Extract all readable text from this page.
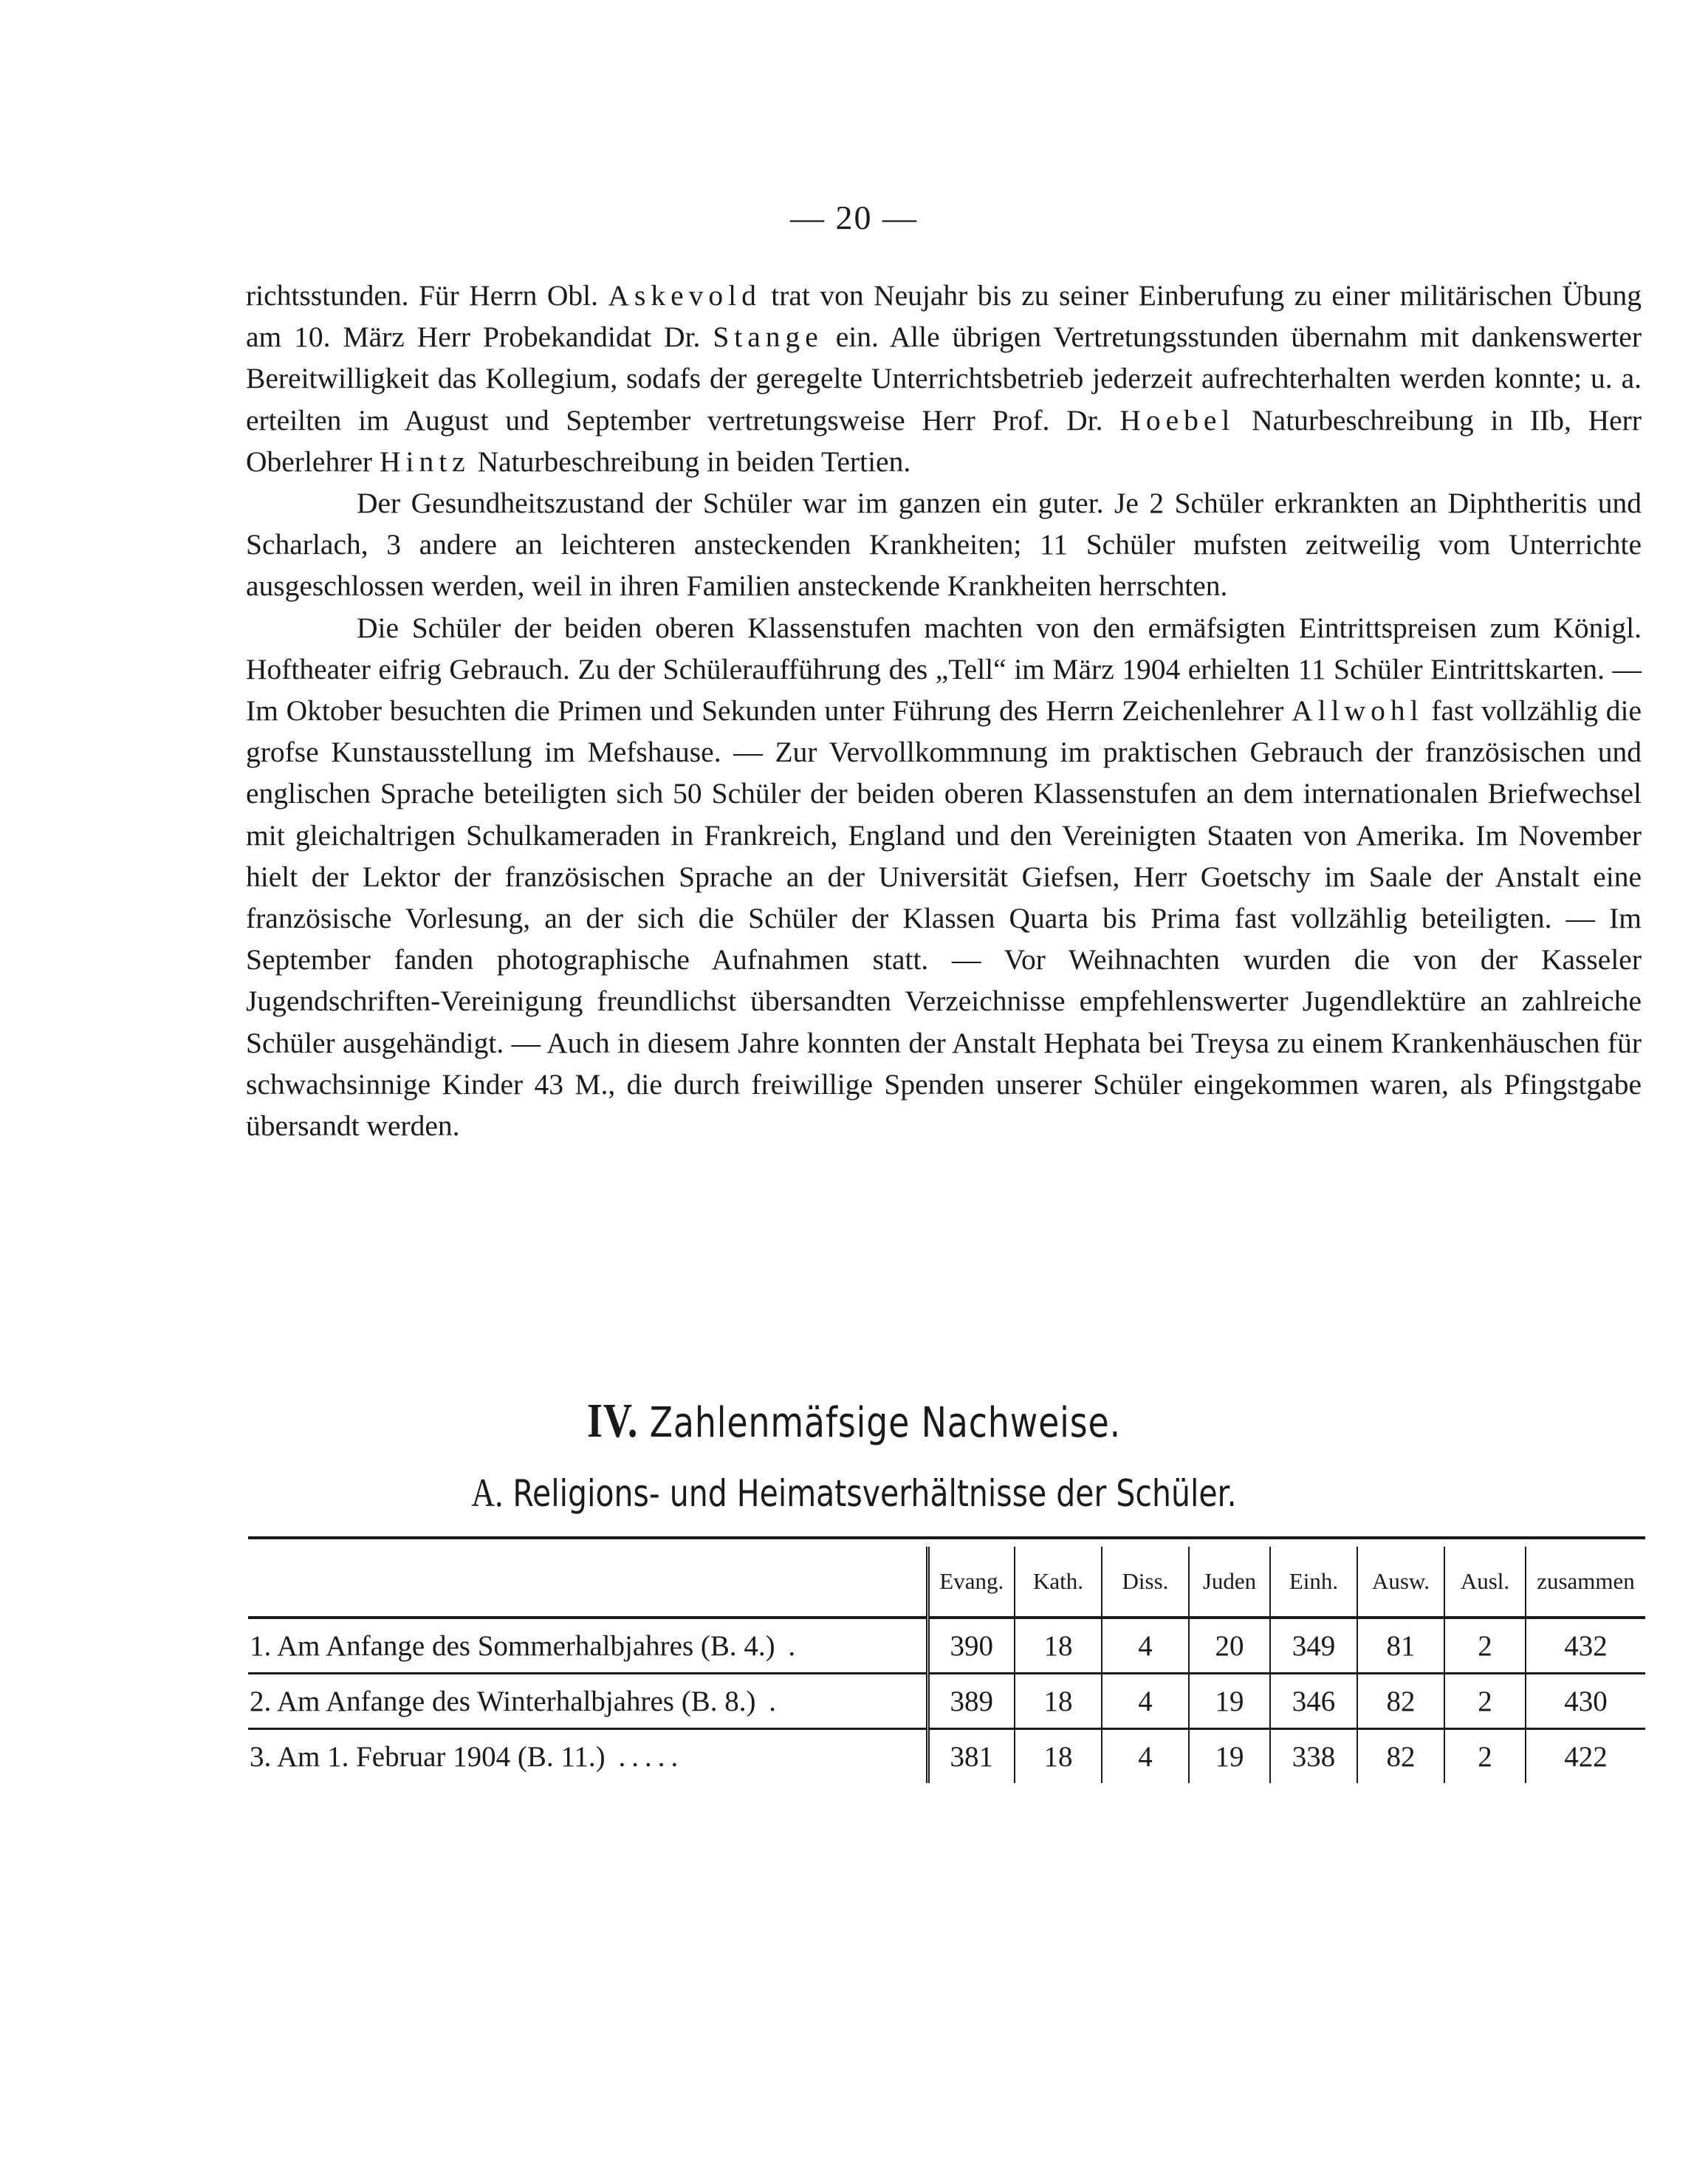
— 20 —

richtsstunden. Für Herrn Obl. Askevold trat von Neujahr bis zu seiner Einberufung zu einer militärischen Übung am 10. März Herr Probekandidat Dr. Stange ein. Alle übrigen Vertretungsstunden übernahm mit dankenswerter Bereitwilligkeit das Kollegium, sodafs der geregelte Unterrichtsbetrieb jederzeit aufrechterhalten werden konnte; u. a. erteilten im August und September vertretungsweise Herr Prof. Dr. Hoebel Naturbeschreibung in IIb, Herr Oberlehrer Hintz Naturbeschreibung in beiden Tertien.

Der Gesundheitszustand der Schüler war im ganzen ein guter. Je 2 Schüler erkrankten an Diphtheritis und Scharlach, 3 andere an leichteren ansteckenden Krankheiten; 11 Schüler mufsten zeitweilig vom Unterrichte ausgeschlossen werden, weil in ihren Familien ansteckende Krankheiten herrschten.

Die Schüler der beiden oberen Klassenstufen machten von den ermäfsigten Eintrittspreisen zum Königl. Hoftheater eifrig Gebrauch. Zu der Schüleraufführung des „Tell“ im März 1904 erhielten 11 Schüler Eintrittskarten. — Im Oktober besuchten die Primen und Sekunden unter Führung des Herrn Zeichenlehrer Allwohl fast vollzählig die grofse Kunstausstellung im Mefshause. — Zur Vervollkommnung im praktischen Gebrauch der französischen und englischen Sprache beteiligten sich 50 Schüler der beiden oberen Klassenstufen an dem internationalen Briefwechsel mit gleichaltrigen Schulkameraden in Frankreich, England und den Vereinigten Staaten von Amerika. Im November hielt der Lektor der französischen Sprache an der Universität Giefsen, Herr Goetschy im Saale der Anstalt eine französische Vorlesung, an der sich die Schüler der Klassen Quarta bis Prima fast vollzählig beteiligten. — Im September fanden photographische Aufnahmen statt. — Vor Weihnachten wurden die von der Kasseler Jugendschriften-Vereinigung freundlichst übersandten Verzeichnisse empfehlenswerter Jugendlektüre an zahlreiche Schüler ausgehändigt. — Auch in diesem Jahre konnten der Anstalt Hephata bei Treysa zu einem Krankenhäuschen für schwachsinnige Kinder 43 M., die durch freiwillige Spenden unserer Schüler eingekommen waren, als Pfingstgabe übersandt werden.

IV. Zahlenmäfsige Nachweise.
A. Religions- und Heimatsverhältnisse der Schüler.
	Evang.	Kath.	Diss.	Juden	Einh.	Ausw.	Ausl.	zusammen
1. Am Anfange des Sommerhalbjahres (B. 4.) .	390	18	4	20	349	81	2	432
2. Am Anfange des Winterhalbjahres (B. 8.) .	389	18	4	19	346	82	2	430
3. Am 1. Februar 1904 (B. 11.) .....	381	18	4	19	338	82	2	422
